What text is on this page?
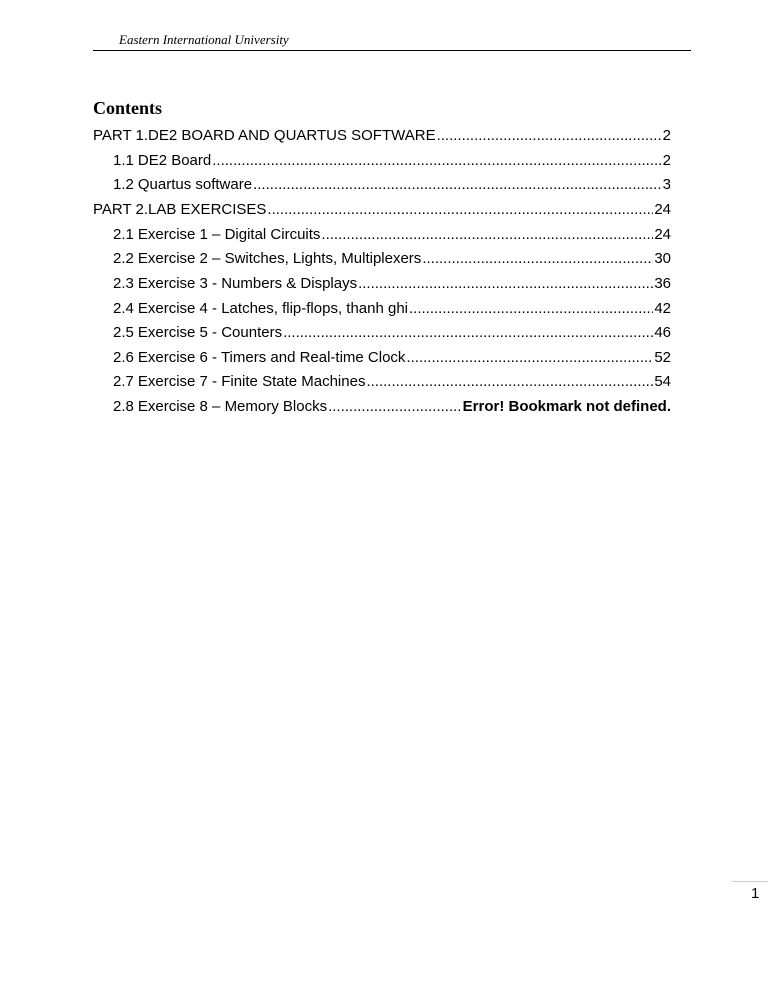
Eastern International University
Contents
PART 1. DE2 BOARD AND QUARTUS SOFTWARE .....	2
1.1 DE2 Board .....	2
1.2 Quartus software .....	3
PART 2. LAB EXERCISES .....	24
2.1 Exercise 1 – Digital Circuits .....	24
2.2 Exercise 2 – Switches, Lights, Multiplexers .....	30
2.3 Exercise 3 - Numbers & Displays .....	36
2.4 Exercise 4 - Latches, flip-flops, thanh ghi .....	42
2.5 Exercise 5 - Counters .....	46
2.6 Exercise 6 - Timers and Real-time Clock .....	52
2.7 Exercise 7 - Finite State Machines .....	54
2.8 Exercise 8 – Memory Blocks .....	Error! Bookmark not defined.
1
